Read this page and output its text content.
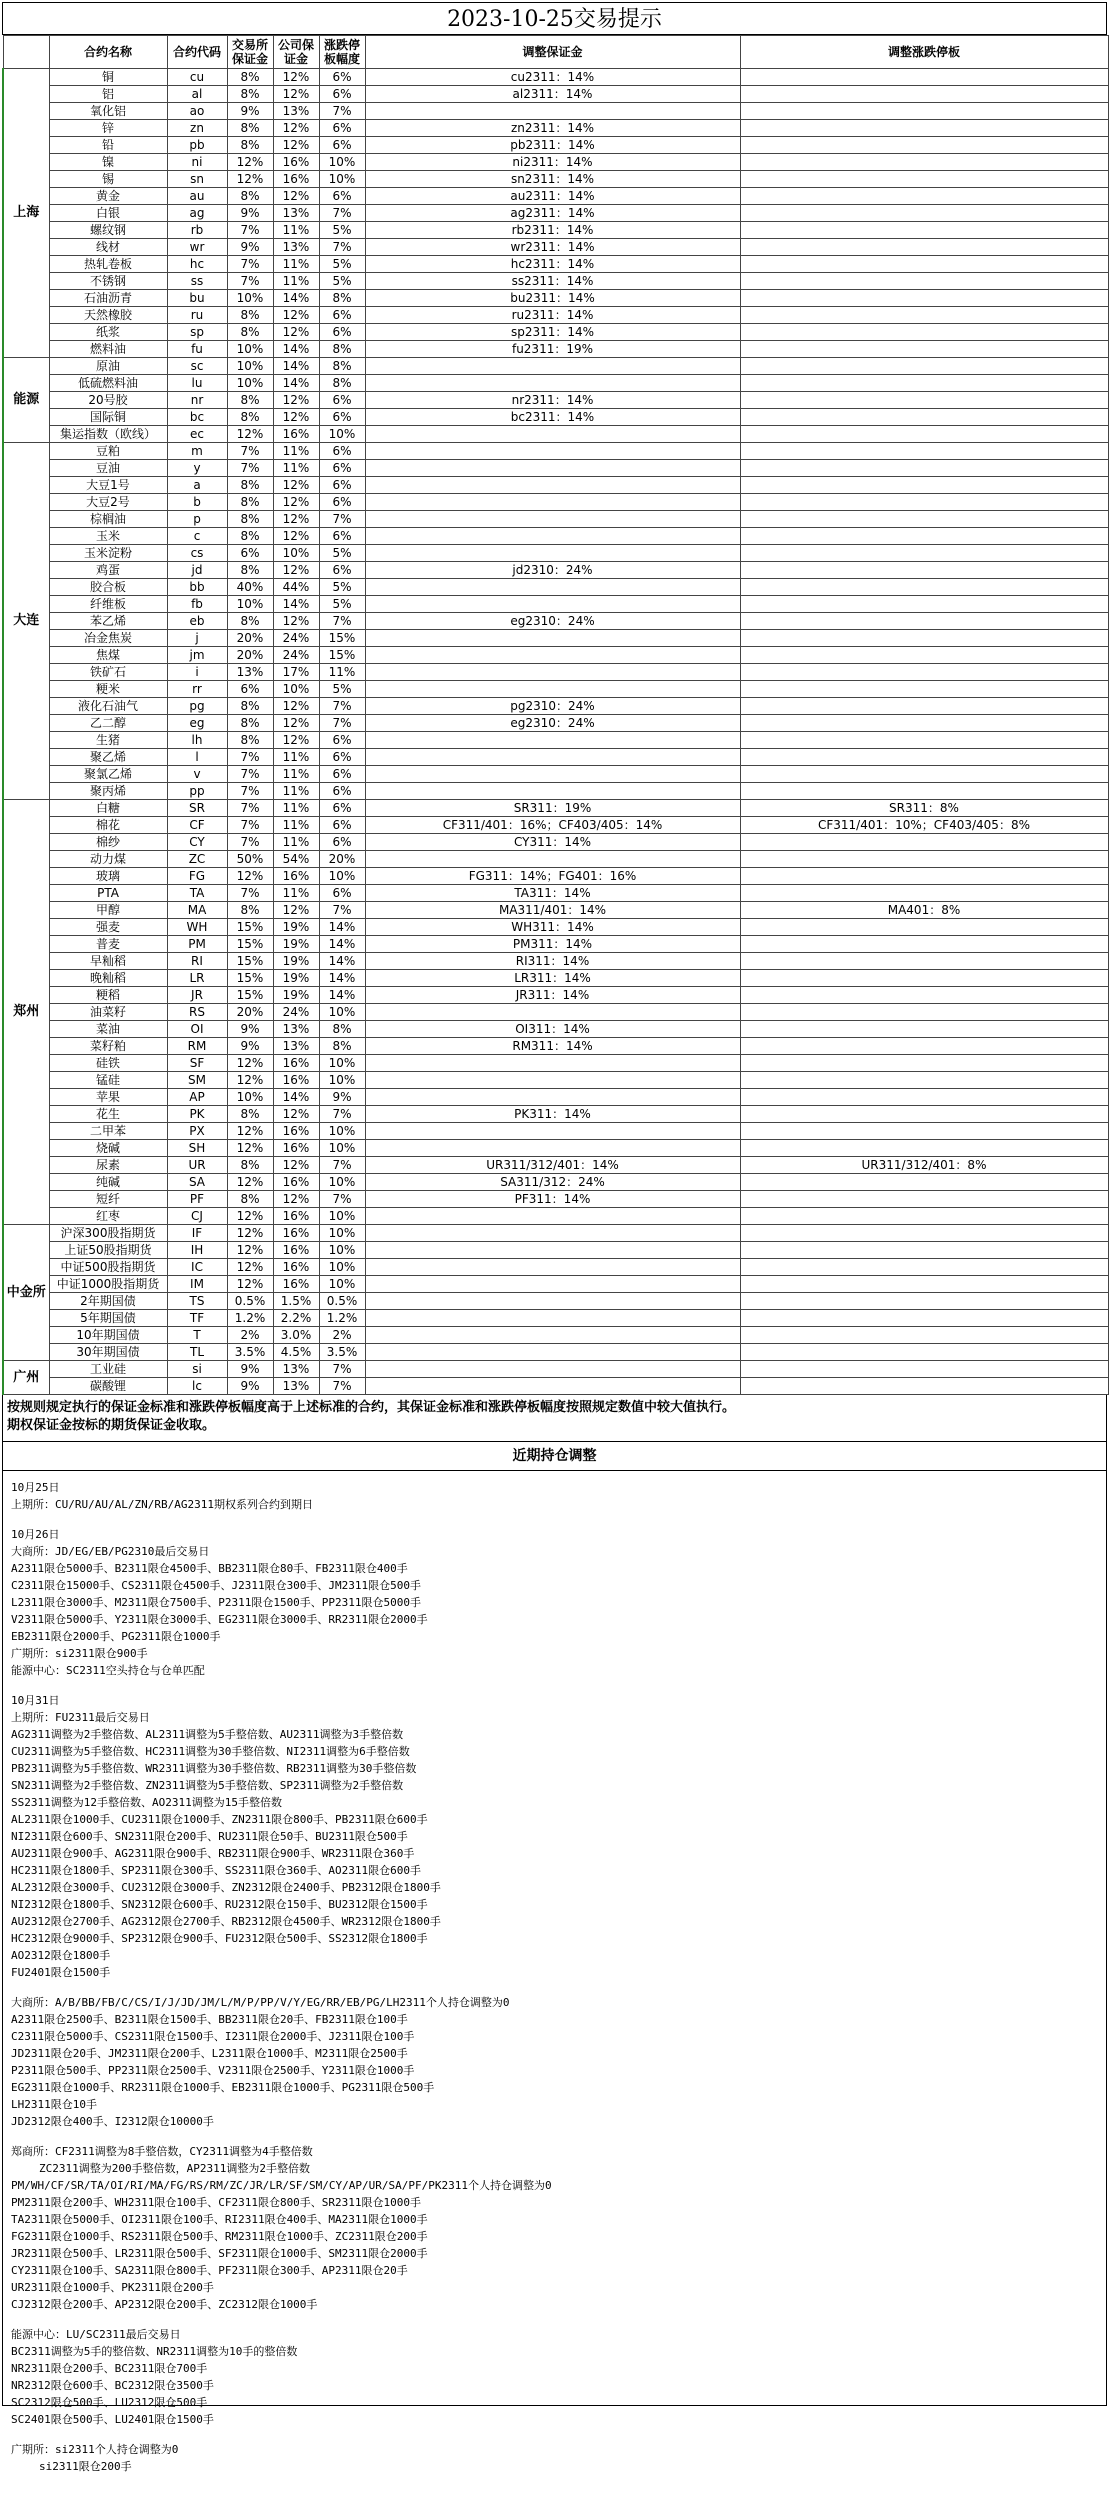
2023-10-25交易提示
	合约名称	合约代码	交易所保证金	公司保证金	涨跌停板幅度	调整保证金	调整涨跌停板
上海	铜	cu	8%	12%	6%	cu2311：14%	
	铝	al	8%	12%	6%	al2311：14%	
	氧化铝	ao	9%	13%	7%		
	锌	zn	8%	12%	6%	zn2311：14%	
	铅	pb	8%	12%	6%	pb2311：14%	
	镍	ni	12%	16%	10%	ni2311：14%	
	锡	sn	12%	16%	10%	sn2311：14%	
	黄金	au	8%	12%	6%	au2311：14%	
	白银	ag	9%	13%	7%	ag2311：14%	
	螺纹钢	rb	7%	11%	5%	rb2311：14%	
	线材	wr	9%	13%	7%	wr2311：14%	
	热轧卷板	hc	7%	11%	5%	hc2311：14%	
	不锈钢	ss	7%	11%	5%	ss2311：14%	
	石油沥青	bu	10%	14%	8%	bu2311：14%	
	天然橡胶	ru	8%	12%	6%	ru2311：14%	
	纸浆	sp	8%	12%	6%	sp2311：14%	
	燃料油	fu	10%	14%	8%	fu2311：19%	
能源	原油	sc	10%	14%	8%		
	低硫燃料油	lu	10%	14%	8%		
	20号胶	nr	8%	12%	6%	nr2311：14%	
	国际铜	bc	8%	12%	6%	bc2311：14%	
	集运指数（欧线）	ec	12%	16%	10%		
大连	豆粕	m	7%	11%	6%		
	豆油	y	7%	11%	6%		
	大豆1号	a	8%	12%	6%		
	大豆2号	b	8%	12%	6%		
	棕榈油	p	8%	12%	7%		
	玉米	c	8%	12%	6%		
	玉米淀粉	cs	6%	10%	5%		
	鸡蛋	jd	8%	12%	6%	jd2310：24%	
	胶合板	bb	40%	44%	5%		
	纤维板	fb	10%	14%	5%		
	苯乙烯	eb	8%	12%	7%	eg2310：24%	
	冶金焦炭	j	20%	24%	15%		
	焦煤	jm	20%	24%	15%		
	铁矿石	i	13%	17%	11%		
	粳米	rr	6%	10%	5%		
	液化石油气	pg	8%	12%	7%	pg2310：24%	
	乙二醇	eg	8%	12%	7%	eg2310：24%	
	生猪	lh	8%	12%	6%		
	聚乙烯	l	7%	11%	6%		
	聚氯乙烯	v	7%	11%	6%		
	聚丙烯	pp	7%	11%	6%		
郑州	白糖	SR	7%	11%	6%	SR311：19%	SR311：8%
	棉花	CF	7%	11%	6%	CF311/401：16%；CF403/405：14%	CF311/401：10%；CF403/405：8%
	棉纱	CY	7%	11%	6%	CY311：14%	
	动力煤	ZC	50%	54%	20%		
	玻璃	FG	12%	16%	10%	FG311：14%；FG401：16%	
	PTA	TA	7%	11%	6%	TA311：14%	
	甲醇	MA	8%	12%	7%	MA311/401：14%	MA401：8%
	强麦	WH	15%	19%	14%	WH311：14%	
	普麦	PM	15%	19%	14%	PM311：14%	
	早籼稻	RI	15%	19%	14%	RI311：14%	
	晚籼稻	LR	15%	19%	14%	LR311：14%	
	粳稻	JR	15%	19%	14%	JR311：14%	
	油菜籽	RS	20%	24%	10%		
	菜油	OI	9%	13%	8%	OI311：14%	
	菜籽粕	RM	9%	13%	8%	RM311：14%	
	硅铁	SF	12%	16%	10%		
	锰硅	SM	12%	16%	10%		
	苹果	AP	10%	14%	9%		
	花生	PK	8%	12%	7%	PK311：14%	
	二甲苯	PX	12%	16%	10%		
	烧碱	SH	12%	16%	10%		
	尿素	UR	8%	12%	7%	UR311/312/401：14%	UR311/312/401：8%
	纯碱	SA	12%	16%	10%	SA311/312：24%	
	短纤	PF	8%	12%	7%	PF311：14%	
	红枣	CJ	12%	16%	10%		
中金所	沪深300股指期货	IF	12%	16%	10%		
	上证50股指期货	IH	12%	16%	10%		
	中证500股指期货	IC	12%	16%	10%		
	中证1000股指期货	IM	12%	16%	10%		
	2年期国债	TS	0.5%	1.5%	0.5%		
	5年期国债	TF	1.2%	2.2%	1.2%		
	10年期国债	T	2%	3.0%	2%		
	30年期国债	TL	3.5%	4.5%	3.5%		
广州	工业硅	si	9%	13%	7%		
	碳酸锂	lc	9%	13%	7%		
按规则规定执行的保证金标准和涨跌停板幅度高于上述标准的合约，其保证金标准和涨跌停板幅度按照规定数值中较大值执行。
期权保证金按标的期货保证金收取。
近期持仓调整
10月25日
上期所：CU/RU/AU/AL/ZN/RB/AG2311期权系列合约到期日
10月26日
大商所：JD/EG/EB/PG2310最后交易日
A2311限仓5000手、B2311限仓4500手、BB2311限仓80手、FB2311限仓400手
C2311限仓15000手、CS2311限仓4500手、J2311限仓300手、JM2311限仓500手
L2311限仓3000手、M2311限仓7500手、P2311限仓1500手、PP2311限仓5000手
V2311限仓5000手、Y2311限仓3000手、EG2311限仓3000手、RR2311限仓2000手
EB2311限仓2000手、PG2311限仓1000手
广期所：si2311限仓900手
能源中心：SC2311空头持仓与仓单匹配
10月31日
上期所：FU2311最后交易日
AG2311调整为2手整倍数、AL2311调整为5手整倍数、AU2311调整为3手整倍数
CU2311调整为5手整倍数、HC2311调整为30手整倍数、NI2311调整为6手整倍数
PB2311调整为5手整倍数、WR2311调整为30手整倍数、RB2311调整为30手整倍数
SN2311调整为2手整倍数、ZN2311调整为5手整倍数、SP2311调整为2手整倍数
SS2311调整为12手整倍数、AO2311调整为15手整倍数
AL2311限仓1000手、CU2311限仓1000手、ZN2311限仓800手、PB2311限仓600手
NI2311限仓600手、SN2311限仓200手、RU2311限仓50手、BU2311限仓500手
AU2311限仓900手、AG2311限仓900手、RB2311限仓900手、WR2311限仓360手
HC2311限仓1800手、SP2311限仓300手、SS2311限仓360手、AO2311限仓600手
AL2312限仓3000手、CU2312限仓3000手、ZN2312限仓2400手、PB2312限仓1800手
NI2312限仓1800手、SN2312限仓600手、RU2312限仓150手、BU2312限仓1500手
AU2312限仓2700手、AG2312限仓2700手、RB2312限仓4500手、WR2312限仓1800手
HC2312限仓9000手、SP2312限仓900手、FU2312限仓500手、SS2312限仓1800手
AO2312限仓1800手
FU2401限仓1500手
大商所：A/B/BB/FB/C/CS/I/J/JD/JM/L/M/P/PP/V/Y/EG/RR/EB/PG/LH2311个人持仓调整为0
A2311限仓2500手、B2311限仓1500手、BB2311限仓20手、FB2311限仓100手
C2311限仓5000手、CS2311限仓1500手、I2311限仓2000手、J2311限仓100手
JD2311限仓20手、JM2311限仓200手、L2311限仓1000手、M2311限仓2500手
P2311限仓500手、PP2311限仓2500手、V2311限仓2500手、Y2311限仓1000手
EG2311限仓1000手、RR2311限仓1000手、EB2311限仓1000手、PG2311限仓500手
LH2311限仓10手
JD2312限仓400手、I2312限仓10000手
郑商所：CF2311调整为8手整倍数，CY2311调整为4手整倍数
ZC2311调整为200手整倍数，AP2311调整为2手整倍数
PM/WH/CF/SR/TA/OI/RI/MA/FG/RS/RM/ZC/JR/LR/SF/SM/CY/AP/UR/SA/PF/PK2311个人持仓调整为0
PM2311限仓200手、WH2311限仓100手、CF2311限仓800手、SR2311限仓1000手
TA2311限仓5000手、OI2311限仓100手、RI2311限仓400手、MA2311限仓1000手
FG2311限仓1000手、RS2311限仓500手、RM2311限仓1000手、ZC2311限仓200手
JR2311限仓500手、LR2311限仓500手、SF2311限仓1000手、SM2311限仓2000手
CY2311限仓100手、SA2311限仓800手、PF2311限仓300手、AP2311限仓20手
UR2311限仓1000手、PK2311限仓200手
CJ2312限仓200手、AP2312限仓200手、ZC2312限仓1000手
能源中心：LU/SC2311最后交易日
BC2311调整为5手的整倍数、NR2311调整为10手的整倍数
NR2311限仓200手、BC2311限仓700手
NR2312限仓600手、BC2312限仓3500手
SC2312限仓500手、LU2312限仓500手
SC2401限仓500手、LU2401限仓1500手
广期所：si2311个人持仓调整为0
si2311限仓200手
